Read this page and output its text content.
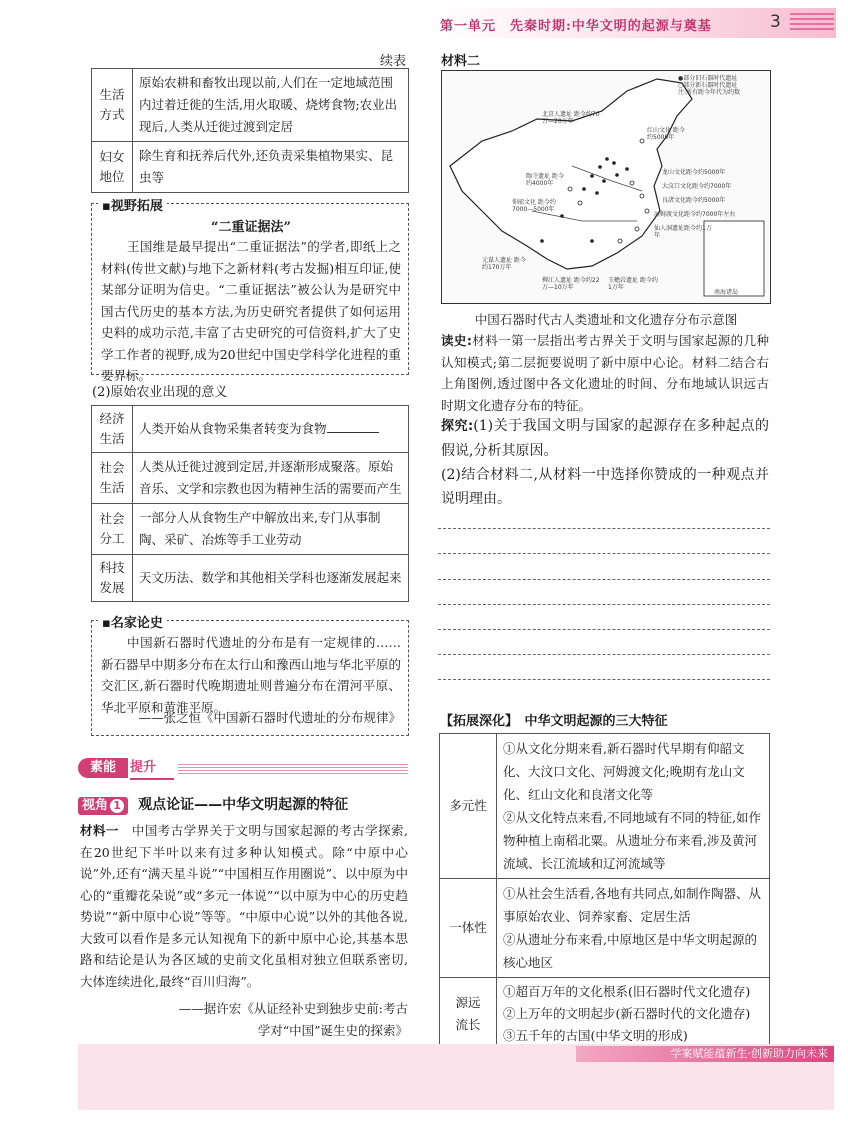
第一单元　先秦时期:中华文明的起源与奠基	3
续表
生活方式	原始农耕和畜牧出现以前,人们在一定地域范围内过着迁徙的生活,用火取暖、烧烤食物;农业出现后,人类从迁徙过渡到定居
妇女地位	除生育和抚养后代外,还负责采集植物果实、昆虫等
▪视野拓展
“二重证据法”
王国维是最早提出“二重证据法”的学者,即纸上之材料(传世文献)与地下之新材料(考古发掘)相互印证,使某部分证明为信史。“二重证据法”被公认为是研究中国古代历史的基本方法,为历史研究者提供了如何运用史料的成功示范,丰富了古史研究的可信资料,扩大了史学工作者的视野,成为20世纪中国史学科学化进程的重要界标。
(2)原始农业出现的意义
经济生活	人类开始从食物采集者转变为食物
社会生活	人类从迁徙过渡到定居,并逐渐形成聚落。原始音乐、文学和宗教也因为精神生活的需要而产生
社会分工	一部分人从食物生产中解放出来,专门从事制陶、采矿、冶炼等手工业劳动
科技发展	天文历法、数学和其他相关学科也逐渐发展起来
▪名家论史
中国新石器时代遗址的分布是有一定规律的……新石器早中期多分布在太行山和豫西山地与华北平原的交汇区,新石器时代晚期遗址则普遍分布在渭河平原、华北平原和黄淮平原。
——张之恒《中国新石器时代遗址的分布规律》
素能	提升
视角 1 观点论证——中华文明起源的特征
材料一　 中国考古学界关于文明与国家起源的考古学探索,在20世纪下半叶以来有过多种认知模式。除“中原中心说”外,还有“满天星斗说”“中国相互作用圈说”、以中原为中心的“重瓣花朵说”或“多元一体说”“以中原为中心的历史趋势说”“新中原中心说”等等。“中原中心说”以外的其他各说,大致可以看作是多元认知视角下的新中原中心论,其基本思路和结论是认为各区域的史前文化虽相对独立但联系密切,大体连续进化,最终“百川归海”。
——据许宏《从证经补史到独步史前:考古学对“中国”诞生史的探索》
材料二
●部分旧石器时代遗址
○部分新石器时代遗址
注:所有距今年代为约数
北京人遗址 距今约70万—20万年
红山文化 距今约5000年
陶寺遗址 距今约4000年
仰韶文化 距今约7000—5000年
龙山文化距今约5000年
大汶口文化距今约7000年
良渚文化距今约5000年
河姆渡文化距今约7000年左右
仙人洞遗址距今约1万年
元谋人遗址 距今约170万年
柳江人遗址 距今约22万—10万年
玉蟾岩遗址 距今约1万年
南海诸岛
中国石器时代古人类遗址和文化遗存分布示意图
读史:材料一第一层指出考古界关于文明与国家起源的几种认知模式;第二层扼要说明了新中原中心论。材料二结合右上角图例,透过图中各文化遗址的时间、分布地域认识远古时期文化遗存分布的特征。
探究:(1)关于我国文明与国家的起源存在多种起点的假说,分析其原因。
(2)结合材料二,从材料一中选择你赞成的一种观点并说明理由。
【拓展深化】　 中华文明起源的三大特征
多元性	①从文化分期来看,新石器时代早期有仰韶文化、大汶口文化、河姆渡文化;晚期有龙山文化、红山文化和良渚文化等
②从文化特点来看,不同地域有不同的特征,如作物种植上南稻北粟。从遗址分布来看,涉及黄河流域、长江流域和辽河流域等

一体性	①从社会生活看,各地有共同点,如制作陶器、从事原始农业、饲养家畜、定居生活
②从遗址分布来看,中原地区是中华文明起源的核心地区

源远流长	①超百万年的文化根系(旧石器时代文化遗存)
②上万年的文明起步(新石器时代的文化遗存)
③五千年的古国(中华文明的形成)
学案赋能蕴新生·创新助力向未来
